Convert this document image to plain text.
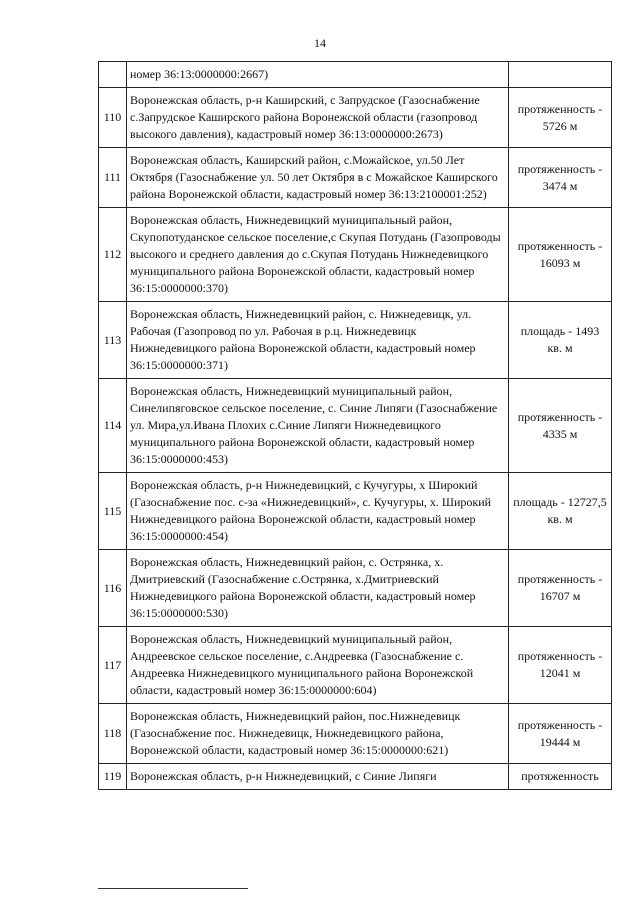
14
	номер 36:13:0000000:2667)	
110	Воронежская область, р-н Каширский, с Запрудское (Газоснабжение с.Запрудское Каширского района Воронежской области (газопровод высокого давления), кадастровый номер 36:13:0000000:2673)	протяженность - 5726 м
111	Воронежская область, Каширский район, с.Можайское, ул.50 Лет Октября (Газоснабжение ул. 50 лет Октября в с Можайское Каширского района Воронежской области, кадастровый номер 36:13:2100001:252)	протяженность - 3474 м
112	Воронежская область, Нижнедевицкий муниципальный район, Скупопотуданское сельское поселение,с Скупая Потудань (Газопроводы высокого и среднего давления до с.Скупая Потудань Нижнедевицкого муниципального района Воронежской области, кадастровый номер 36:15:0000000:370)	протяженность - 16093 м
113	Воронежская область, Нижнедевицкий район, с. Нижнедевицк, ул. Рабочая (Газопровод по ул. Рабочая в р.ц. Нижнедевицк Нижнедевицкого района Воронежской области, кадастровый номер 36:15:0000000:371)	площадь - 1493 кв. м
114	Воронежская область, Нижнедевицкий муниципальный район, Синелипяговское сельское поселение, с. Синие Липяги (Газоснабжение ул. Мира,ул.Ивана Плохих с.Синие Липяги Нижнедевицкого муниципального района Воронежской области, кадастровый номер 36:15:0000000:453)	протяженность - 4335 м
115	Воронежская область, р-н Нижнедевицкий, с Кучугуры, х Широкий (Газоснабжение пос. с-за «Нижнедевицкий», с. Кучугуры, х. Широкий Нижнедевицкого района Воронежской области, кадастровый номер 36:15:0000000:454)	площадь - 12727,5 кв. м
116	Воронежская область, Нижнедевицкий район, с. Острянка, х. Дмитриевский (Газоснабжение с.Острянка, х.Дмитриевский Нижнедевицкого района Воронежской области, кадастровый номер 36:15:0000000:530)	протяженность - 16707 м
117	Воронежская область, Нижнедевицкий муниципальный район, Андреевское сельское поселение, с.Андреевка (Газоснабжение с. Андреевка Нижнедевицкого муниципального района Воронежской области, кадастровый номер 36:15:0000000:604)	протяженность - 12041 м
118	Воронежская область, Нижнедевицкий район, пос.Нижнедевицк (Газоснабжение пос. Нижнедевицк, Нижнедевицкого района, Воронежской области, кадастровый номер 36:15:0000000:621)	протяженность - 19444 м
119	Воронежская область, р-н Нижнедевицкий, с Синие Липяги	протяженность
